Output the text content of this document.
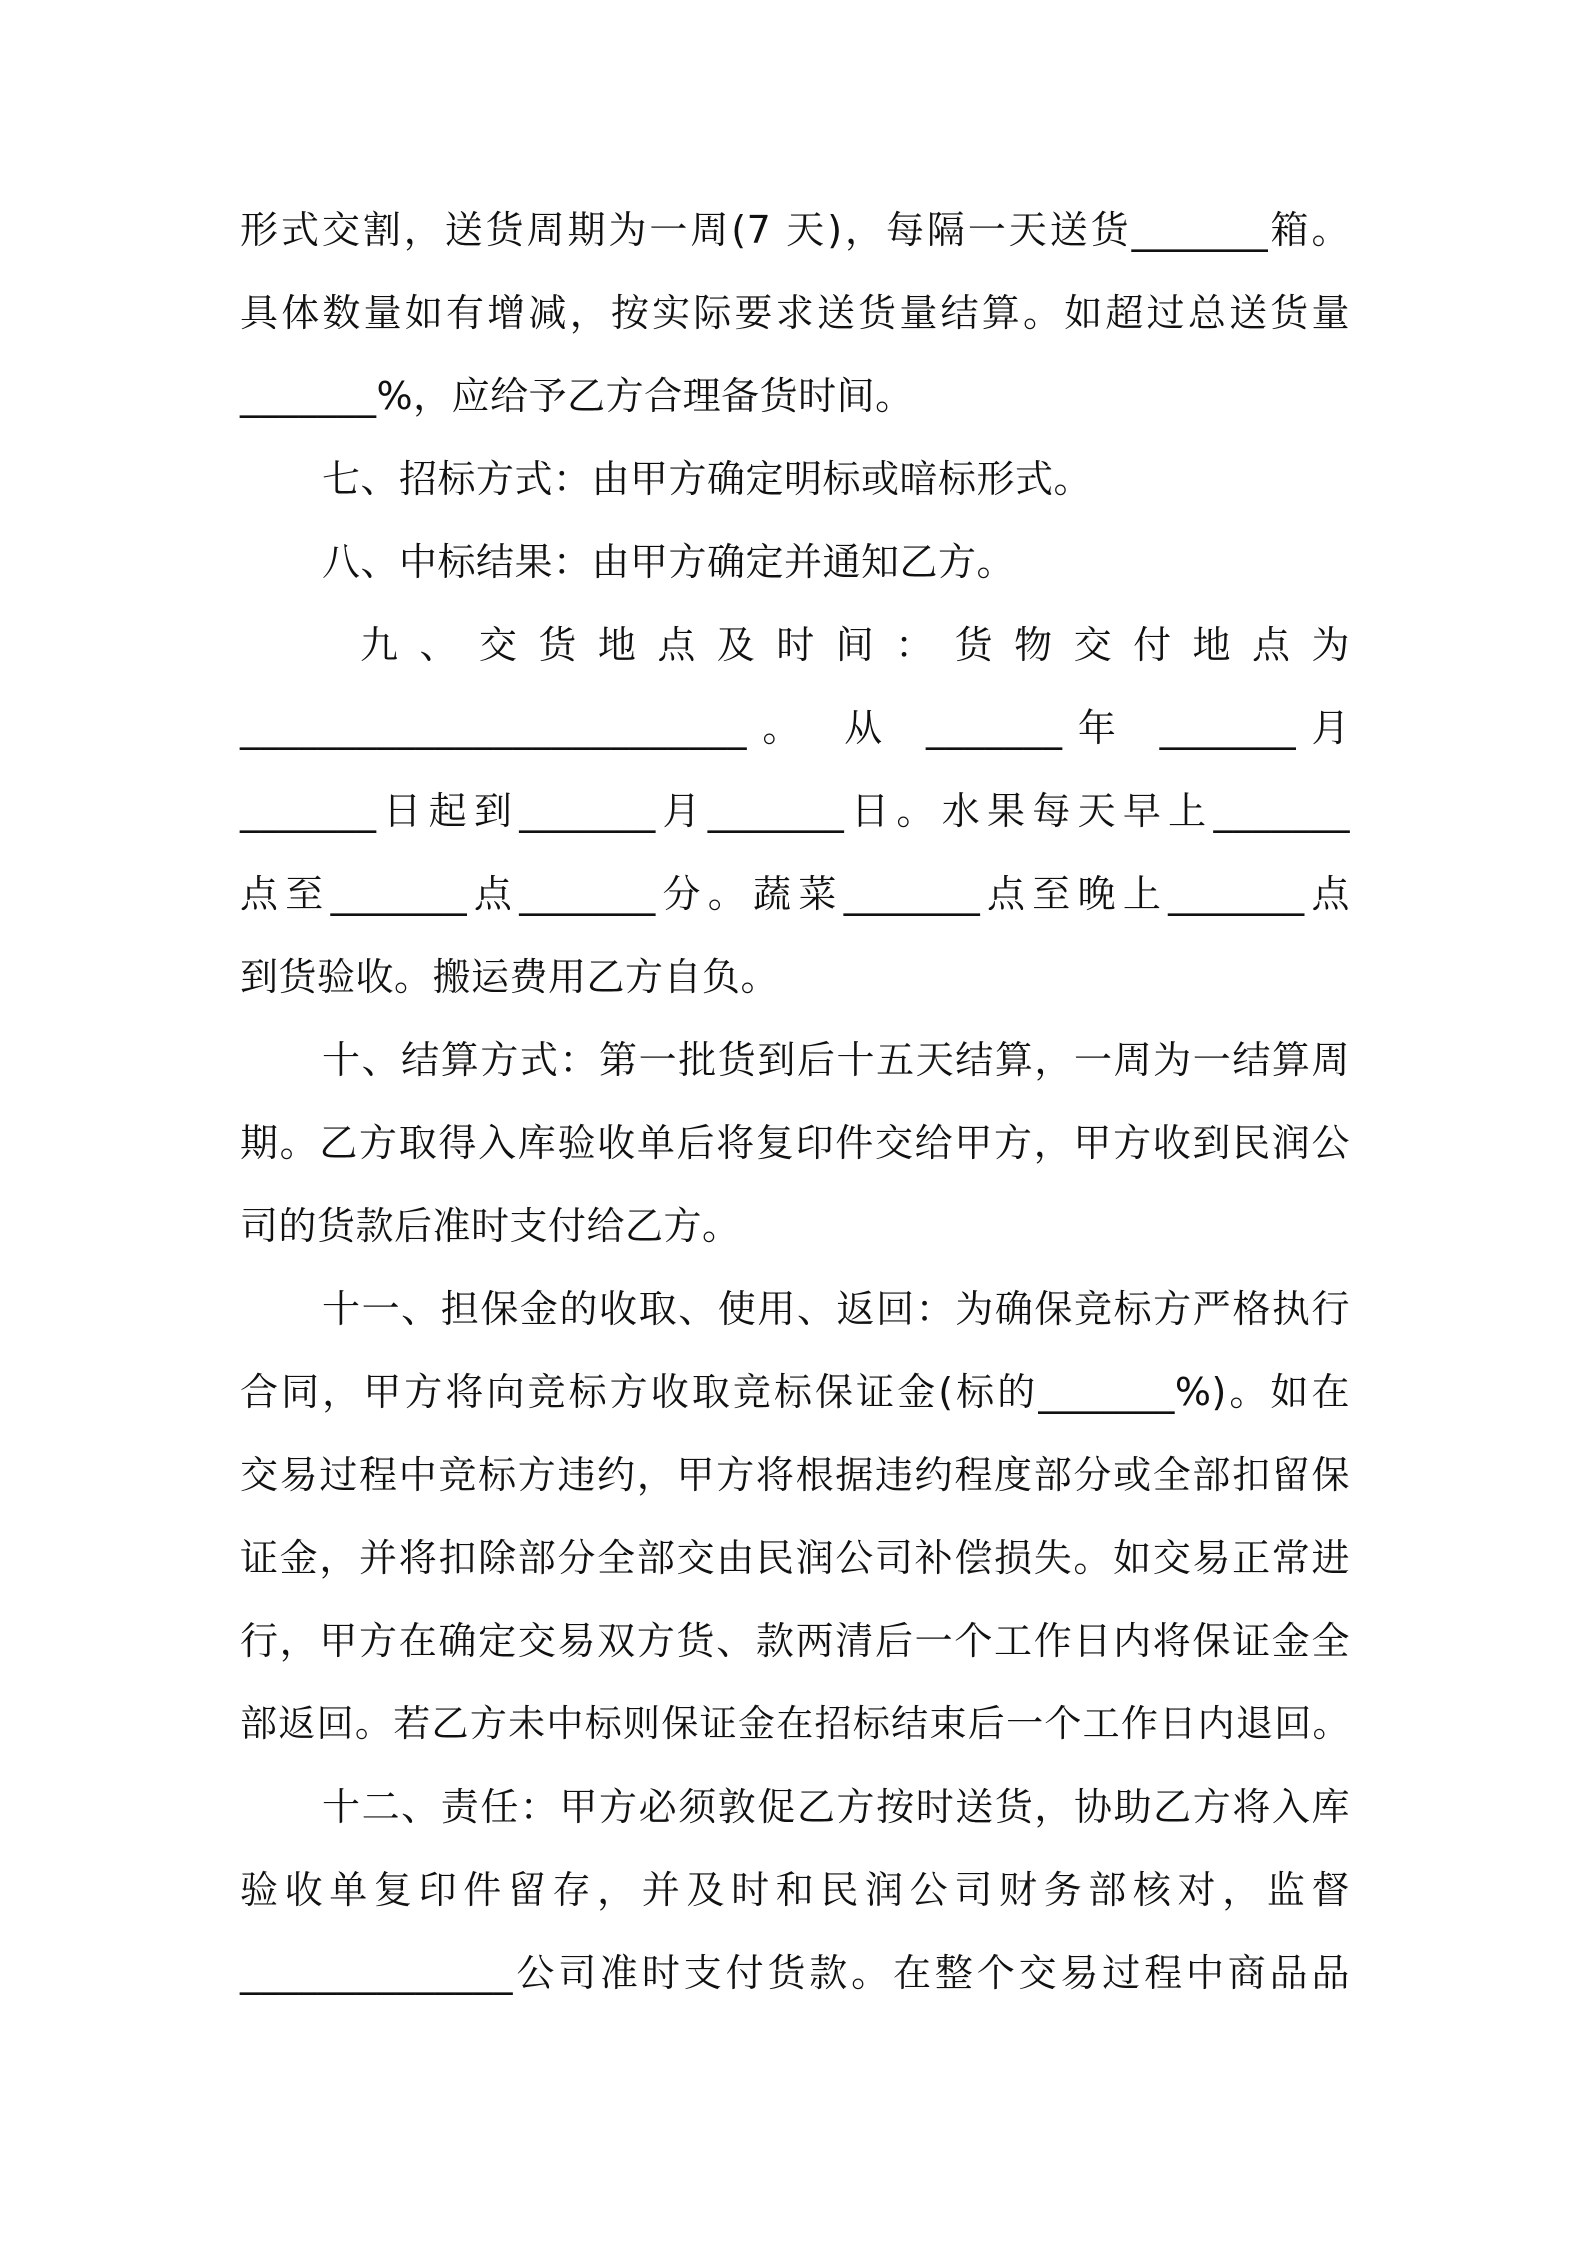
形式交割，送货周期为一周(7 天)，每隔一天送货_______箱。
具体数量如有增减，按实际要求送货量结算。如超过总送货量
_______%，应给予乙方合理备货时间。
七、招标方式：由甲方确定明标或暗标形式。
八、中标结果：由甲方确定并通知乙方。
九 、 交 货 地 点 及 时 间 ： 货 物 交 付 地 点 为
__________________________。 从 _______年 _______月
_______日起到_______月_______日。水果每天早上_______
点至_______点_______分。蔬菜_______点至晚上_______点
到货验收。搬运费用乙方自负。
十、结算方式：第一批货到后十五天结算，一周为一结算周
期。乙方取得入库验收单后将复印件交给甲方，甲方收到民润公
司的货款后准时支付给乙方。
十一、担保金的收取、使用、返回：为确保竞标方严格执行
合同，甲方将向竞标方收取竞标保证金(标的_______%)。如在
交易过程中竞标方违约，甲方将根据违约程度部分或全部扣留保
证金，并将扣除部分全部交由民润公司补偿损失。如交易正常进
行，甲方在确定交易双方货、款两清后一个工作日内将保证金全
部返回。若乙方未中标则保证金在招标结束后一个工作日内退回。
十二、责任：甲方必须敦促乙方按时送货，协助乙方将入库
验收单复印件留存，并及时和民润公司财务部核对，监督
______________公司准时支付货款。在整个交易过程中商品品
